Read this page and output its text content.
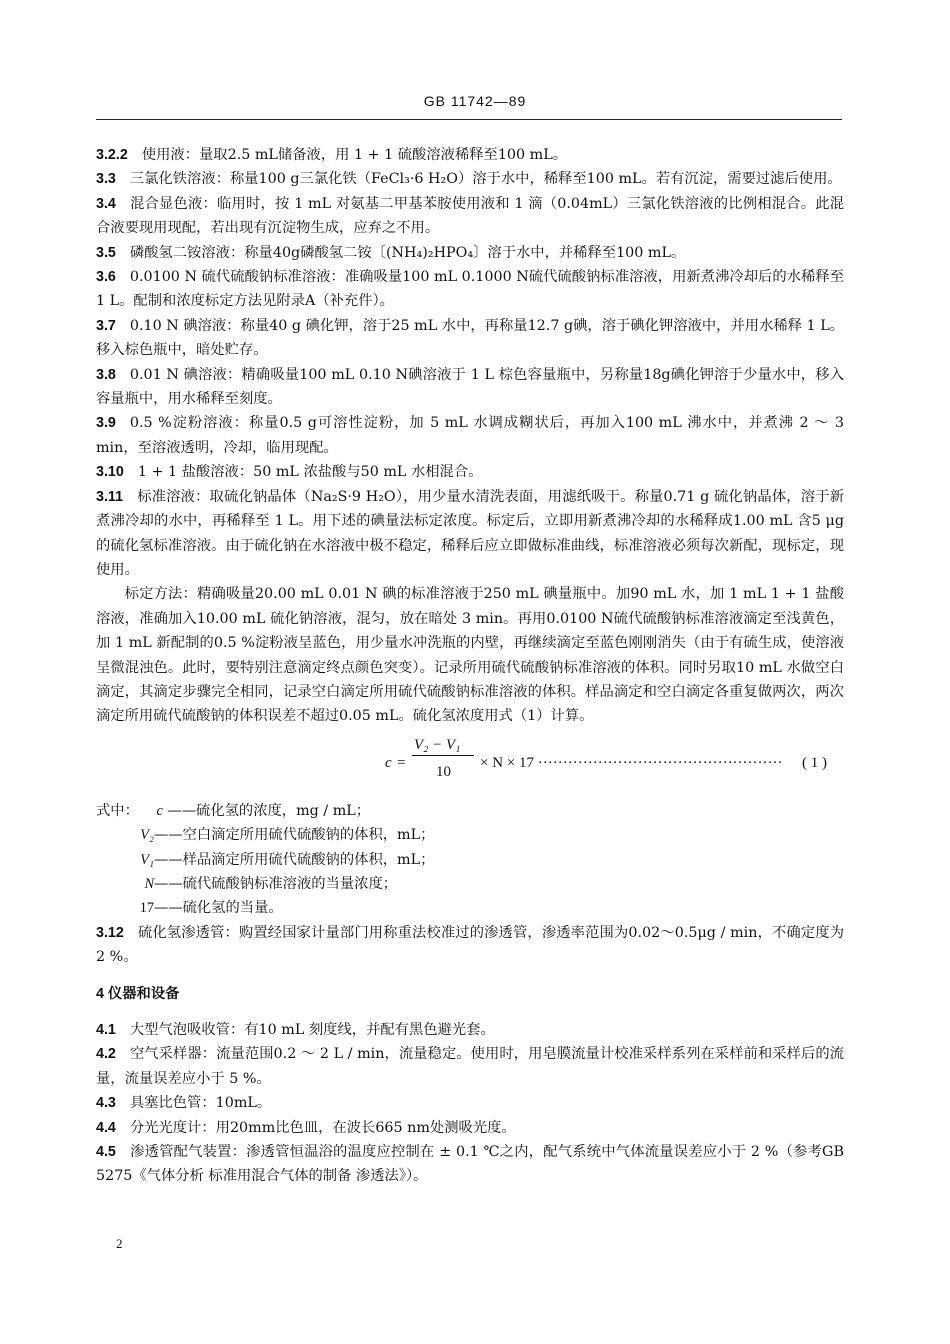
GB 11742—89

3.2.2 使用液：量取2.5 mL储备液，用 1 + 1 硫酸溶液稀释至100 mL。

3.3 三氯化铁溶液：称量100 g三氯化铁（FeCl₃·6 H₂O）溶于水中，稀释至100 mL。若有沉淀，需要过滤后使用。

3.4 混合显色液：临用时，按 1 mL 对氨基二甲基苯胺使用液和 1 滴（0.04mL）三氯化铁溶液的比例相混合。此混合液要现用现配，若出现有沉淀物生成，应弃之不用。

3.5 磷酸氢二铵溶液：称量40g磷酸氢二铵〔(NH₄)₂HPO₄〕溶于水中，并稀释至100 mL。

3.6 0.0100 N 硫代硫酸钠标准溶液：准确吸量100 mL 0.1000 N硫代硫酸钠标准溶液，用新煮沸冷却后的水稀释至 1 L。配制和浓度标定方法见附录A（补充件）。

3.7 0.10 N 碘溶液：称量40 g 碘化钾，溶于25 mL 水中，再称量12.7 g碘，溶于碘化钾溶液中，并用水稀释 1 L。移入棕色瓶中，暗处贮存。

3.8 0.01 N 碘溶液：精确吸量100 mL 0.10 N碘溶液于 1 L 棕色容量瓶中，另称量18g碘化钾溶于少量水中，移入容量瓶中，用水稀释至刻度。

3.9 0.5 %淀粉溶液：称量0.5 g可溶性淀粉，加 5 mL 水调成糊状后，再加入100 mL 沸水中，并煮沸 2 ～ 3 min，至溶液透明，冷却，临用现配。

3.10 1 + 1 盐酸溶液：50 mL 浓盐酸与50 mL 水相混合。

3.11 标准溶液：取硫化钠晶体（Na₂S·9 H₂O），用少量水清洗表面，用滤纸吸干。称量0.71 g 硫化钠晶体，溶于新煮沸冷却的水中，再稀释至 1 L。用下述的碘量法标定浓度。标定后，立即用新煮沸冷却的水稀释成1.00 mL 含5 μg的硫化氢标准溶液。由于硫化钠在水溶液中极不稳定，稀释后应立即做标准曲线，标准溶液必须每次新配，现标定，现使用。

标定方法：精确吸量20.00 mL 0.01 N 碘的标准溶液于250 mL 碘量瓶中。加90 mL 水，加 1 mL 1 + 1 盐酸溶液，准确加入10.00 mL 硫化钠溶液，混匀，放在暗处 3 min。再用0.0100 N硫代硫酸钠标准溶液滴定至浅黄色，加 1 mL 新配制的0.5 %淀粉液呈蓝色，用少量水冲洗瓶的内壁，再继续滴定至蓝色刚刚消失（由于有硫生成，使溶液呈微混浊色。此时，要特别注意滴定终点颜色突变）。记录所用硫代硫酸钠标准溶液的体积。同时另取10 mL 水做空白滴定，其滴定步骤完全相同，记录空白滴定所用硫代硫酸钠标准溶液的体积。样品滴定和空白滴定各重复做两次，两次滴定所用硫代硫酸钠的体积误差不超过0.05 mL。硫化氢浓度用式（1）计算。

c =
V₂ − V₁
10
× N × 17 ················································· ( 1 )

式中： c ——硫化氢的浓度，mg / mL；

V₂——空白滴定所用硫代硫酸钠的体积，mL；

V₁——样品滴定所用硫代硫酸钠的体积，mL；

N——硫代硫酸钠标准溶液的当量浓度；

17——硫化氢的当量。

3.12 硫化氢渗透管：购置经国家计量部门用称重法校准过的渗透管，渗透率范围为0.02～0.5μg / min，不确定度为 2 %。

4 仪器和设备

4.1 大型气泡吸收管：有10 mL 刻度线，并配有黑色避光套。

4.2 空气采样器：流量范围0.2 ～ 2 L / min，流量稳定。使用时，用皂膜流量计校准采样系列在采样前和采样后的流量，流量误差应小于 5 %。

4.3 具塞比色管：10mL。

4.4 分光光度计：用20mm比色皿，在波长665 nm处测吸光度。

4.5 渗透管配气装置：渗透管恒温浴的温度应控制在 ± 0.1 ℃之内，配气系统中气体流量误差应小于 2 %（参考GB 5275《气体分析 标准用混合气体的制备 渗透法》）。

2
